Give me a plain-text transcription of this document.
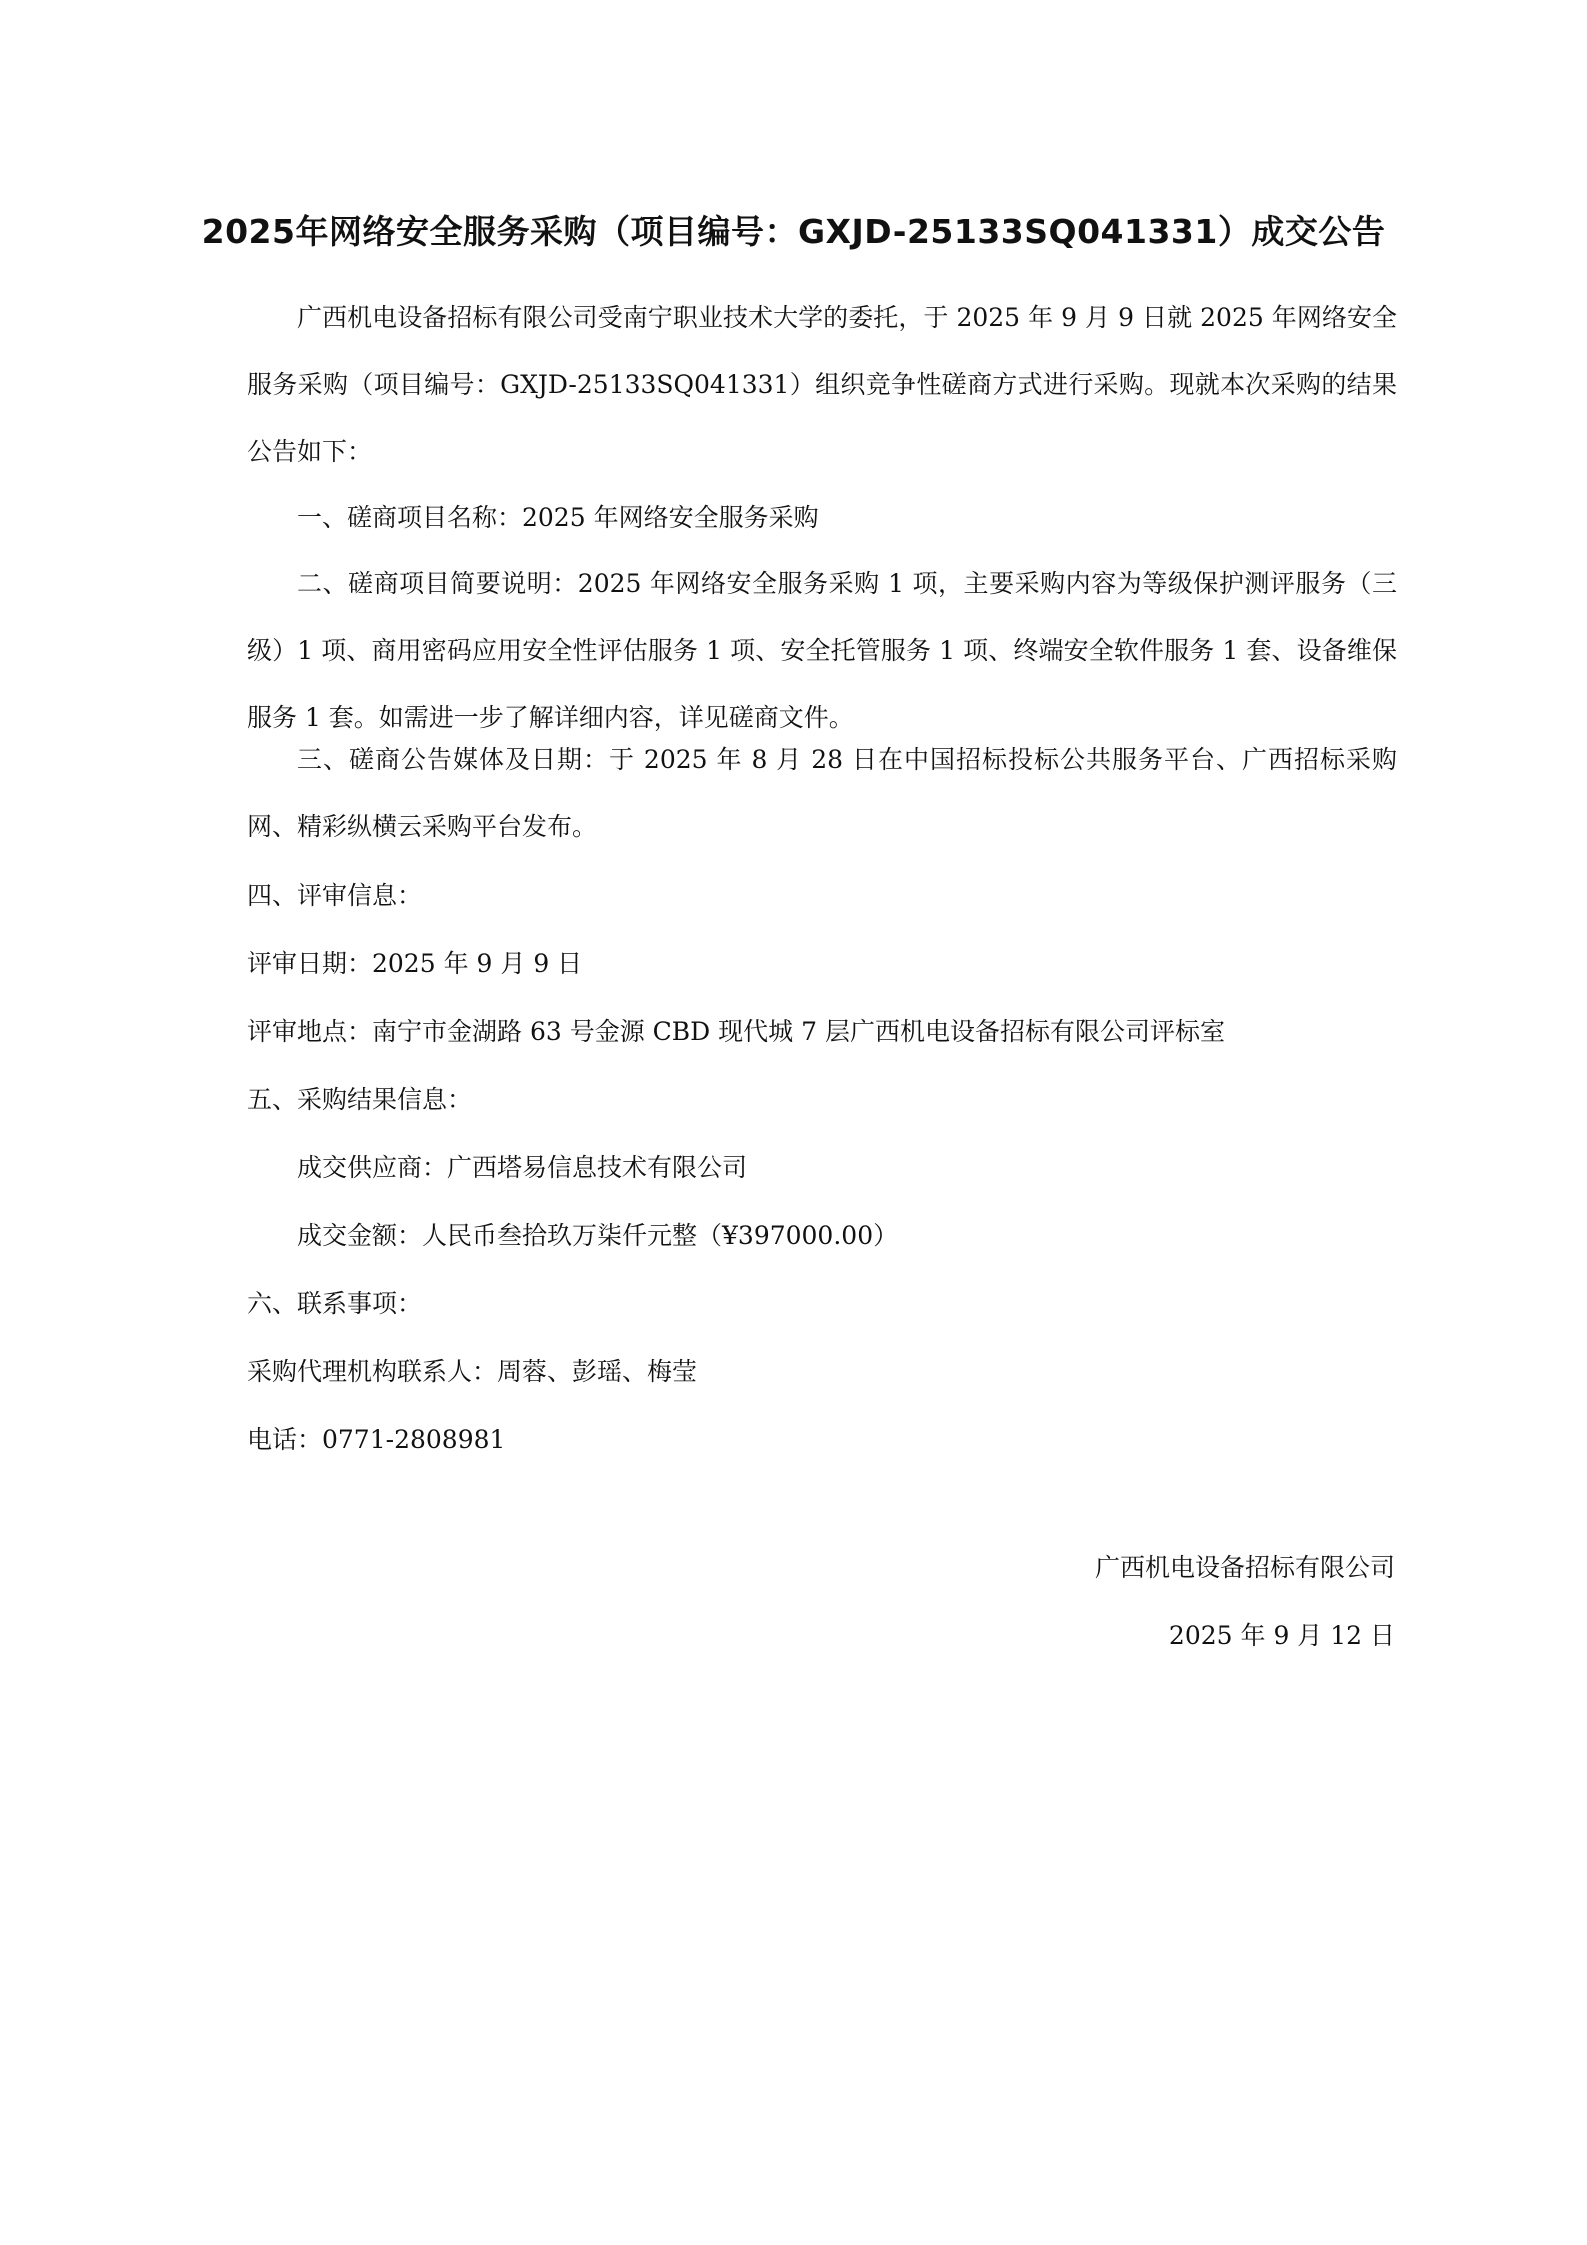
2025年网络安全服务采购（项目编号：GXJD-25133SQ041331）成交公告
广西机电设备招标有限公司受南宁职业技术大学的委托，于 2025 年 9 月 9 日就 2025 年网络安全服务采购（项目编号：GXJD-25133SQ041331）组织竞争性磋商方式进行采购。现就本次采购的结果公告如下：
一、磋商项目名称：2025 年网络安全服务采购
二、磋商项目简要说明：2025 年网络安全服务采购 1 项，主要采购内容为等级保护测评服务（三级）1 项、商用密码应用安全性评估服务 1 项、安全托管服务 1 项、终端安全软件服务 1 套、设备维保服务 1 套。如需进一步了解详细内容，详见磋商文件。
三、磋商公告媒体及日期：于 2025 年 8 月 28 日在中国招标投标公共服务平台、广西招标采购网、精彩纵横云采购平台发布。
四、评审信息：
评审日期：2025 年 9 月 9 日
评审地点：南宁市金湖路 63 号金源 CBD 现代城 7 层广西机电设备招标有限公司评标室
五、采购结果信息：
成交供应商：广西塔易信息技术有限公司
成交金额：人民币叁拾玖万柒仟元整（¥397000.00）
六、联系事项：
采购代理机构联系人：周蓉、彭瑶、梅莹
电话：0771-2808981
广西机电设备招标有限公司
2025 年 9 月 12 日
